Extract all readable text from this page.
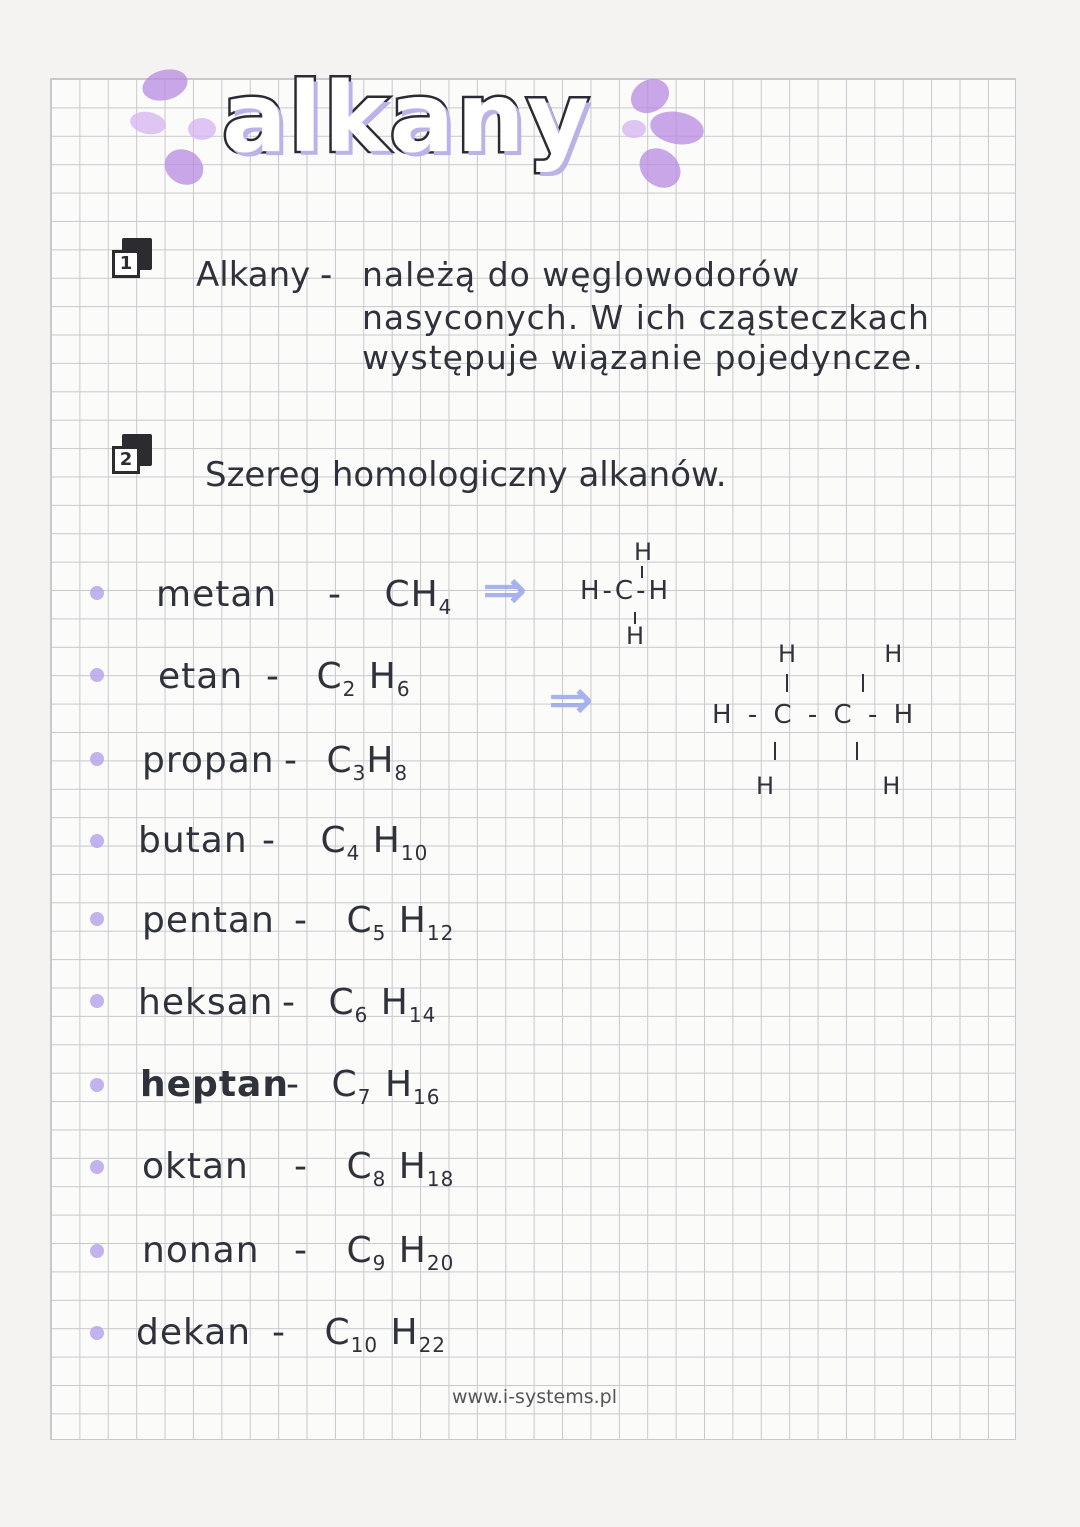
alkany
1 Alkany - należą do węglowodorów
nasyconych. W ich cząsteczkach
występuje wiązanie pojedyncze.
2 Szereg homologiczny alkanów.
metan - $CH_4$
etan - $C_2$ $H_6$
propan - $C_3H_8$
butan - $C_4$ $H_{10}$
pentan - $C_5$ $H_{12}$
heksan - $C_6$ $H_{14}$
heptan- $C_7$ $H_{16}$
oktan - $C_8$ $H_{18}$
nonan - $C_9$ $H_{20}$
dekan - $C_{10}$ $H_{22}$
⇒
⇒
H
H-C-H
H
H     H
H - C - C - H
H     H
www.i-systems.pl
